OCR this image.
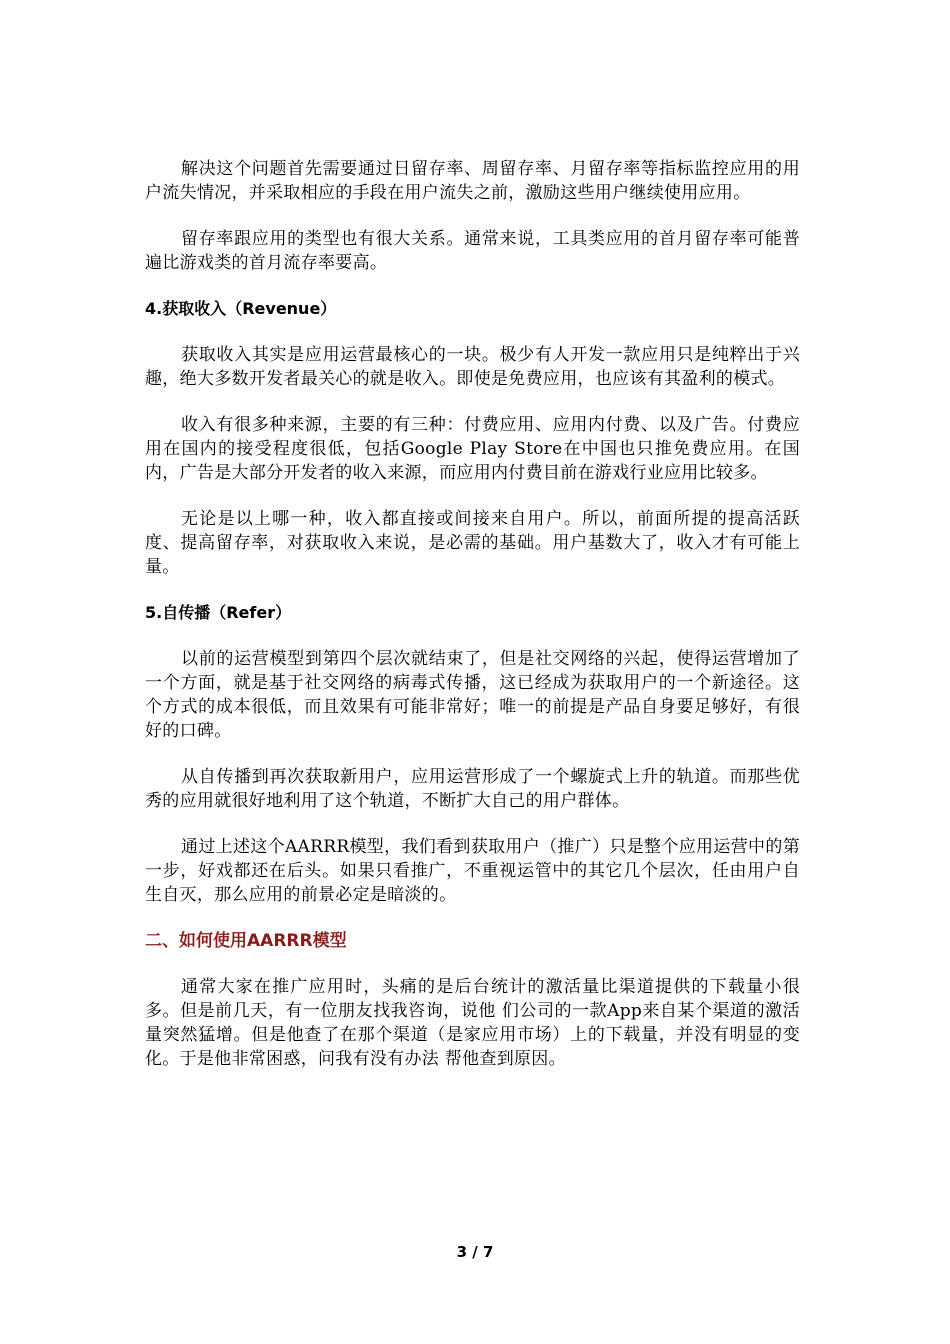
解决这个问题首先需要通过日留存率、周留存率、月留存率等指标监控应用的用户流失情况，并采取相应的手段在用户流失之前，激励这些用户继续使用应用。

留存率跟应用的类型也有很大关系。通常来说，工具类应用的首月留存率可能普遍比游戏类的首月流存率要高。

4.获取收入（Revenue）

获取收入其实是应用运营最核心的一块。极少有人开发一款应用只是纯粹出于兴趣，绝大多数开发者最关心的就是收入。即使是免费应用，也应该有其盈利的模式。

收入有很多种来源，主要的有三种：付费应用、应用内付费、以及广告。付费应用在国内的接受程度很低，包括Google Play Store在中国也只推免费应用。在国内，广告是大部分开发者的收入来源，而应用内付费目前在游戏行业应用比较多。

无论是以上哪一种，收入都直接或间接来自用户。所以，前面所提的提高活跃度、提高留存率，对获取收入来说，是必需的基础。用户基数大了，收入才有可能上量。

5.自传播（Refer）

以前的运营模型到第四个层次就结束了，但是社交网络的兴起，使得运营增加了一个方面，就是基于社交网络的病毒式传播，这已经成为获取用户的一个新途径。这个方式的成本很低，而且效果有可能非常好；唯一的前提是产品自身要足够好，有很好的口碑。

从自传播到再次获取新用户，应用运营形成了一个螺旋式上升的轨道。而那些优秀的应用就很好地利用了这个轨道，不断扩大自己的用户群体。

通过上述这个AARRR模型，我们看到获取用户（推广）只是整个应用运营中的第一步，好戏都还在后头。如果只看推广，不重视运管中的其它几个层次，任由用户自生自灭，那么应用的前景必定是暗淡的。

二、如何使用AARRR模型

通常大家在推广应用时，头痛的是后台统计的激活量比渠道提供的下载量小很多。但是前几天，有一位朋友找我咨询，说他 们公司的一款App来自某个渠道的激活量突然猛增。但是他查了在那个渠道（是家应用市场）上的下载量，并没有明显的变化。于是他非常困惑，问我有没有办法 帮他查到原因。

3 / 7
